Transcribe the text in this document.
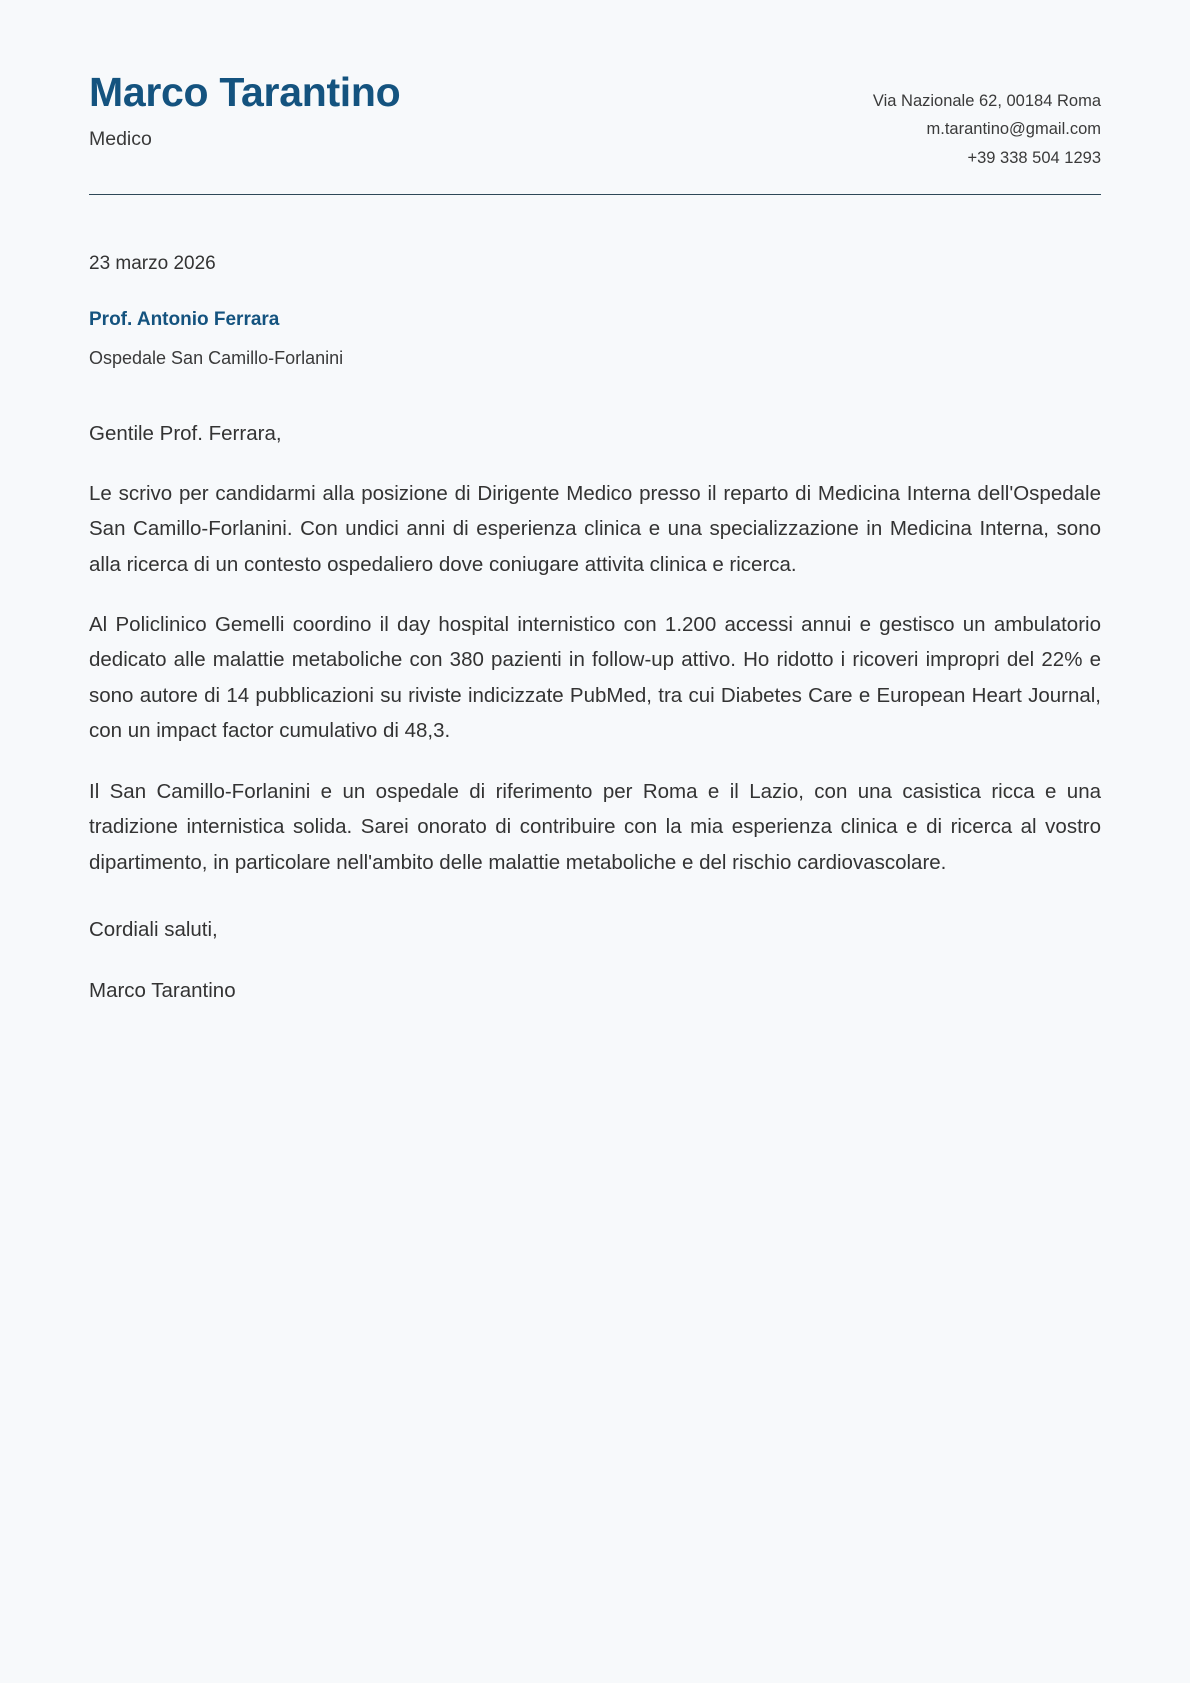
Marco Tarantino
Medico
Via Nazionale 62, 00184 Roma
m.tarantino@gmail.com
+39 338 504 1293
23 marzo 2026
Prof. Antonio Ferrara
Ospedale San Camillo-Forlanini
Gentile Prof. Ferrara,

Le scrivo per candidarmi alla posizione di Dirigente Medico presso il reparto di Medicina Interna dell'Ospedale San Camillo-Forlanini. Con undici anni di esperienza clinica e una specializzazione in Medicina Interna, sono alla ricerca di un contesto ospedaliero dove coniugare attivita clinica e ricerca.

Al Policlinico Gemelli coordino il day hospital internistico con 1.200 accessi annui e gestisco un ambulatorio dedicato alle malattie metaboliche con 380 pazienti in follow-up attivo. Ho ridotto i ricoveri impropri del 22% e sono autore di 14 pubblicazioni su riviste indicizzate PubMed, tra cui Diabetes Care e European Heart Journal, con un impact factor cumulativo di 48,3.

Il San Camillo-Forlanini e un ospedale di riferimento per Roma e il Lazio, con una casistica ricca e una tradizione internistica solida. Sarei onorato di contribuire con la mia esperienza clinica e di ricerca al vostro dipartimento, in particolare nell'ambito delle malattie metaboliche e del rischio cardiovascolare.

Cordiali saluti,
Marco Tarantino
